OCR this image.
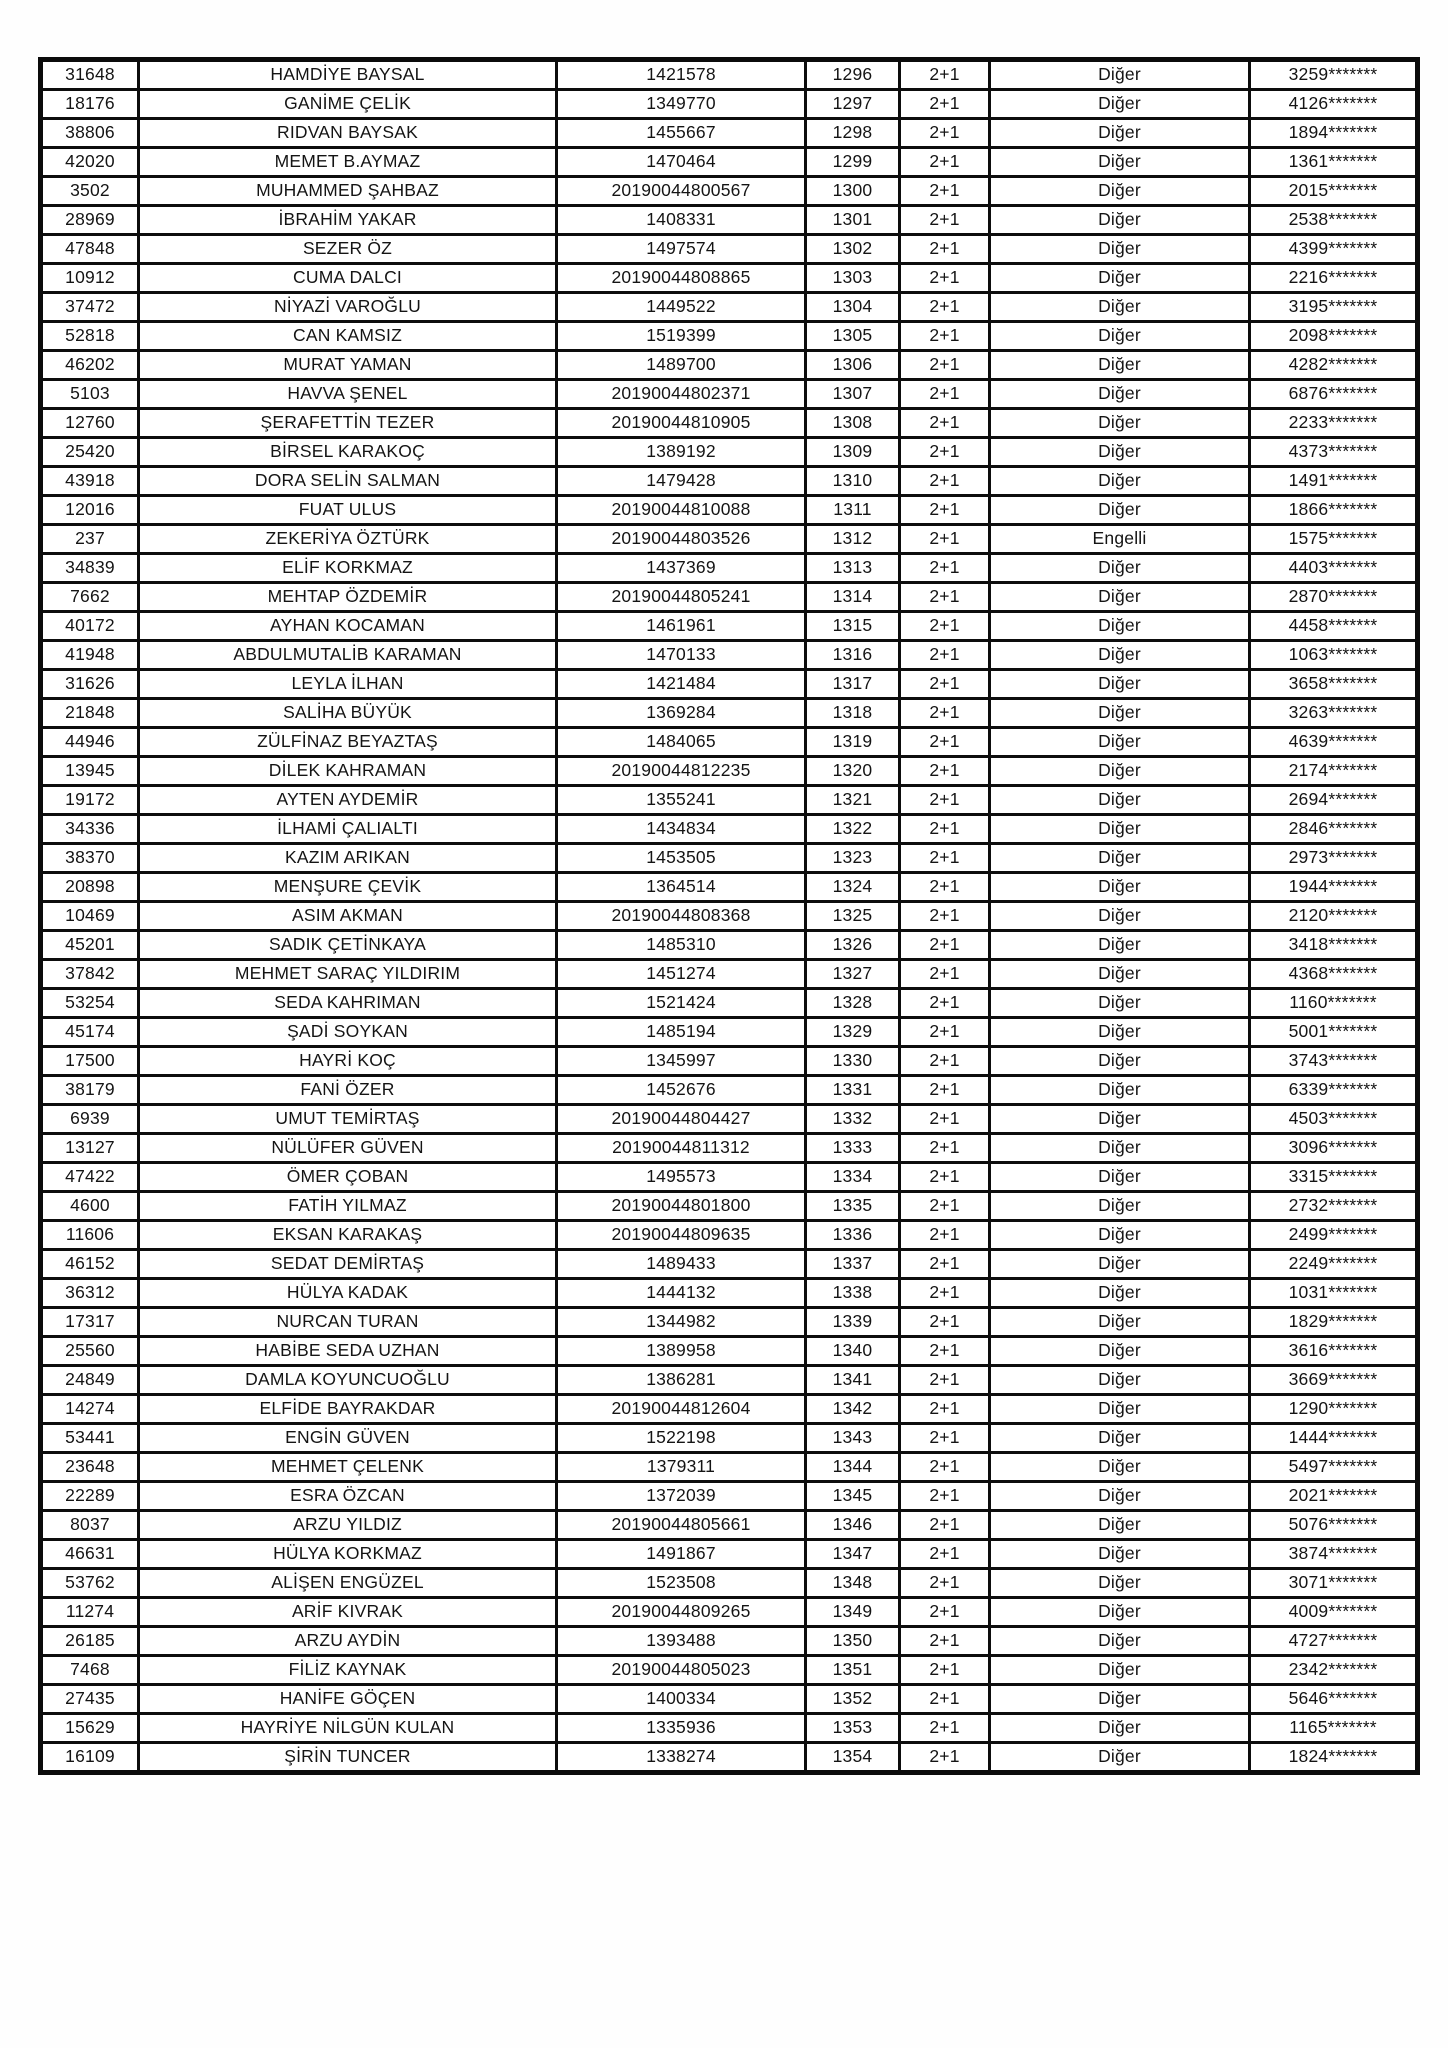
31648	HAMDİYE BAYSAL	1421578	1296	2+1	Diğer	3259*******
18176	GANİME ÇELİK	1349770	1297	2+1	Diğer	4126*******
38806	RIDVAN BAYSAK	1455667	1298	2+1	Diğer	1894*******
42020	MEMET B.AYMAZ	1470464	1299	2+1	Diğer	1361*******
3502	MUHAMMED ŞAHBAZ	20190044800567	1300	2+1	Diğer	2015*******
28969	İBRAHİM YAKAR	1408331	1301	2+1	Diğer	2538*******
47848	SEZER ÖZ	1497574	1302	2+1	Diğer	4399*******
10912	CUMA DALCI	20190044808865	1303	2+1	Diğer	2216*******
37472	NİYAZİ VAROĞLU	1449522	1304	2+1	Diğer	3195*******
52818	CAN KAMSIZ	1519399	1305	2+1	Diğer	2098*******
46202	MURAT YAMAN	1489700	1306	2+1	Diğer	4282*******
5103	HAVVA ŞENEL	20190044802371	1307	2+1	Diğer	6876*******
12760	ŞERAFETTİN TEZER	20190044810905	1308	2+1	Diğer	2233*******
25420	BİRSEL KARAKOÇ	1389192	1309	2+1	Diğer	4373*******
43918	DORA SELİN SALMAN	1479428	1310	2+1	Diğer	1491*******
12016	FUAT ULUS	20190044810088	1311	2+1	Diğer	1866*******
237	ZEKERİYA ÖZTÜRK	20190044803526	1312	2+1	Engelli	1575*******
34839	ELİF KORKMAZ	1437369	1313	2+1	Diğer	4403*******
7662	MEHTAP ÖZDEMİR	20190044805241	1314	2+1	Diğer	2870*******
40172	AYHAN KOCAMAN	1461961	1315	2+1	Diğer	4458*******
41948	ABDULMUTALİB KARAMAN	1470133	1316	2+1	Diğer	1063*******
31626	LEYLA İLHAN	1421484	1317	2+1	Diğer	3658*******
21848	SALİHA BÜYÜK	1369284	1318	2+1	Diğer	3263*******
44946	ZÜLFİNAZ BEYAZTAŞ	1484065	1319	2+1	Diğer	4639*******
13945	DİLEK KAHRAMAN	20190044812235	1320	2+1	Diğer	2174*******
19172	AYTEN AYDEMİR	1355241	1321	2+1	Diğer	2694*******
34336	İLHAMİ ÇALIALTI	1434834	1322	2+1	Diğer	2846*******
38370	KAZIM ARIKAN	1453505	1323	2+1	Diğer	2973*******
20898	MENŞURE ÇEVİK	1364514	1324	2+1	Diğer	1944*******
10469	ASIM AKMAN	20190044808368	1325	2+1	Diğer	2120*******
45201	SADIK ÇETİNKAYA	1485310	1326	2+1	Diğer	3418*******
37842	MEHMET SARAÇ YILDIRIM	1451274	1327	2+1	Diğer	4368*******
53254	SEDA KAHRIMAN	1521424	1328	2+1	Diğer	1160*******
45174	ŞADİ SOYKAN	1485194	1329	2+1	Diğer	5001*******
17500	HAYRİ KOÇ	1345997	1330	2+1	Diğer	3743*******
38179	FANİ ÖZER	1452676	1331	2+1	Diğer	6339*******
6939	UMUT TEMİRTAŞ	20190044804427	1332	2+1	Diğer	4503*******
13127	NÜLÜFER GÜVEN	20190044811312	1333	2+1	Diğer	3096*******
47422	ÖMER ÇOBAN	1495573	1334	2+1	Diğer	3315*******
4600	FATİH YILMAZ	20190044801800	1335	2+1	Diğer	2732*******
11606	EKSAN KARAKAŞ	20190044809635	1336	2+1	Diğer	2499*******
46152	SEDAT DEMİRTAŞ	1489433	1337	2+1	Diğer	2249*******
36312	HÜLYA KADAK	1444132	1338	2+1	Diğer	1031*******
17317	NURCAN TURAN	1344982	1339	2+1	Diğer	1829*******
25560	HABİBE SEDA UZHAN	1389958	1340	2+1	Diğer	3616*******
24849	DAMLA KOYUNCUOĞLU	1386281	1341	2+1	Diğer	3669*******
14274	ELFİDE BAYRAKDAR	20190044812604	1342	2+1	Diğer	1290*******
53441	ENGİN GÜVEN	1522198	1343	2+1	Diğer	1444*******
23648	MEHMET ÇELENK	1379311	1344	2+1	Diğer	5497*******
22289	ESRA ÖZCAN	1372039	1345	2+1	Diğer	2021*******
8037	ARZU YILDIZ	20190044805661	1346	2+1	Diğer	5076*******
46631	HÜLYA KORKMAZ	1491867	1347	2+1	Diğer	3874*******
53762	ALİŞEN ENGÜZEL	1523508	1348	2+1	Diğer	3071*******
11274	ARİF KIVRAK	20190044809265	1349	2+1	Diğer	4009*******
26185	ARZU AYDİN	1393488	1350	2+1	Diğer	4727*******
7468	FİLİZ KAYNAK	20190044805023	1351	2+1	Diğer	2342*******
27435	HANİFE GÖÇEN	1400334	1352	2+1	Diğer	5646*******
15629	HAYRİYE NİLGÜN KULAN	1335936	1353	2+1	Diğer	1165*******
16109	ŞİRİN TUNCER	1338274	1354	2+1	Diğer	1824*******
